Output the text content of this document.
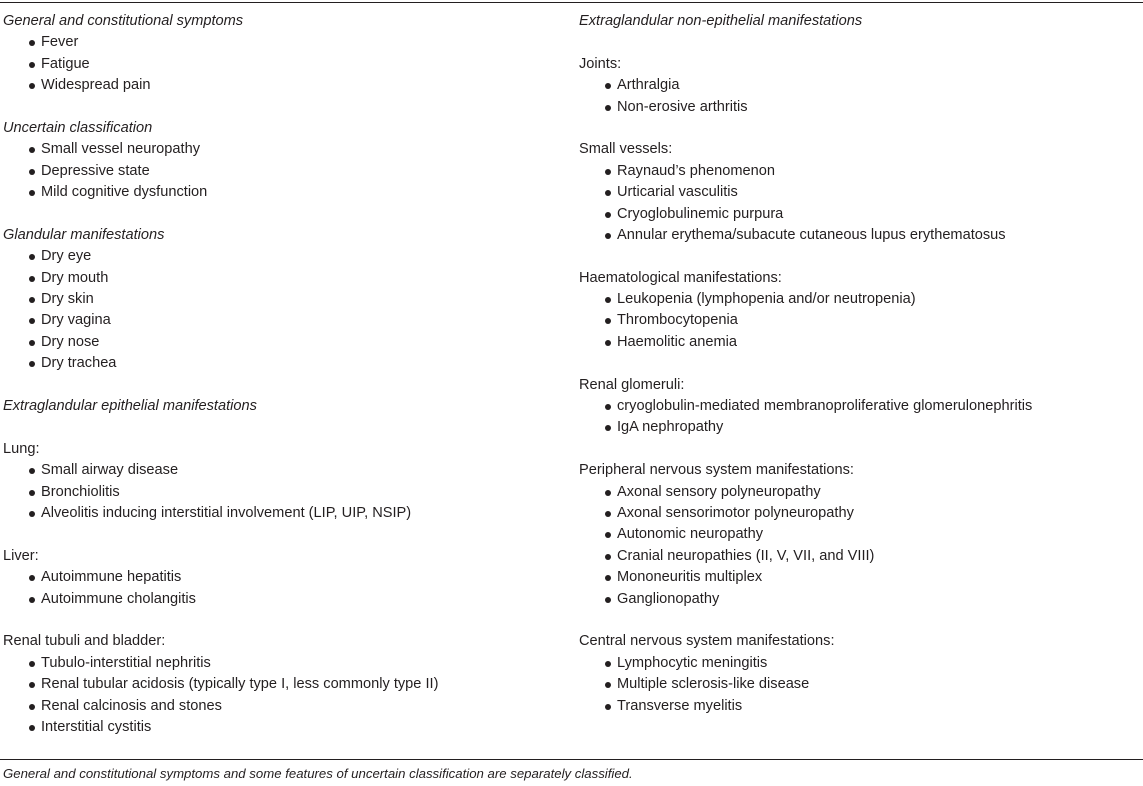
General and constitutional symptoms
Fever
Fatigue
Widespread pain
Uncertain classification
Small vessel neuropathy
Depressive state
Mild cognitive dysfunction
Glandular manifestations
Dry eye
Dry mouth
Dry skin
Dry vagina
Dry nose
Dry trachea
Extraglandular epithelial manifestations
Lung:
Small airway disease
Bronchiolitis
Alveolitis inducing interstitial involvement (LIP, UIP, NSIP)
Liver:
Autoimmune hepatitis
Autoimmune cholangitis
Renal tubuli and bladder:
Tubulo-interstitial nephritis
Renal tubular acidosis (typically type I, less commonly type II)
Renal calcinosis and stones
Interstitial cystitis
Extraglandular non-epithelial manifestations
Joints:
Arthralgia
Non-erosive arthritis
Small vessels:
Raynaud’s phenomenon
Urticarial vasculitis
Cryoglobulinemic purpura
Annular erythema/subacute cutaneous lupus erythematosus
Haematological manifestations:
Leukopenia (lymphopenia and/or neutropenia)
Thrombocytopenia
Haemolitic anemia
Renal glomeruli:
cryoglobulin-mediated membranoproliferative glomerulonephritis
IgA nephropathy
Peripheral nervous system manifestations:
Axonal sensory polyneuropathy
Axonal sensorimotor polyneuropathy
Autonomic neuropathy
Cranial neuropathies (II, V, VII, and VIII)
Mononeuritis multiplex
Ganglionopathy
Central nervous system manifestations:
Lymphocytic meningitis
Multiple sclerosis-like disease
Transverse myelitis
General and constitutional symptoms and some features of uncertain classification are separately classified.
